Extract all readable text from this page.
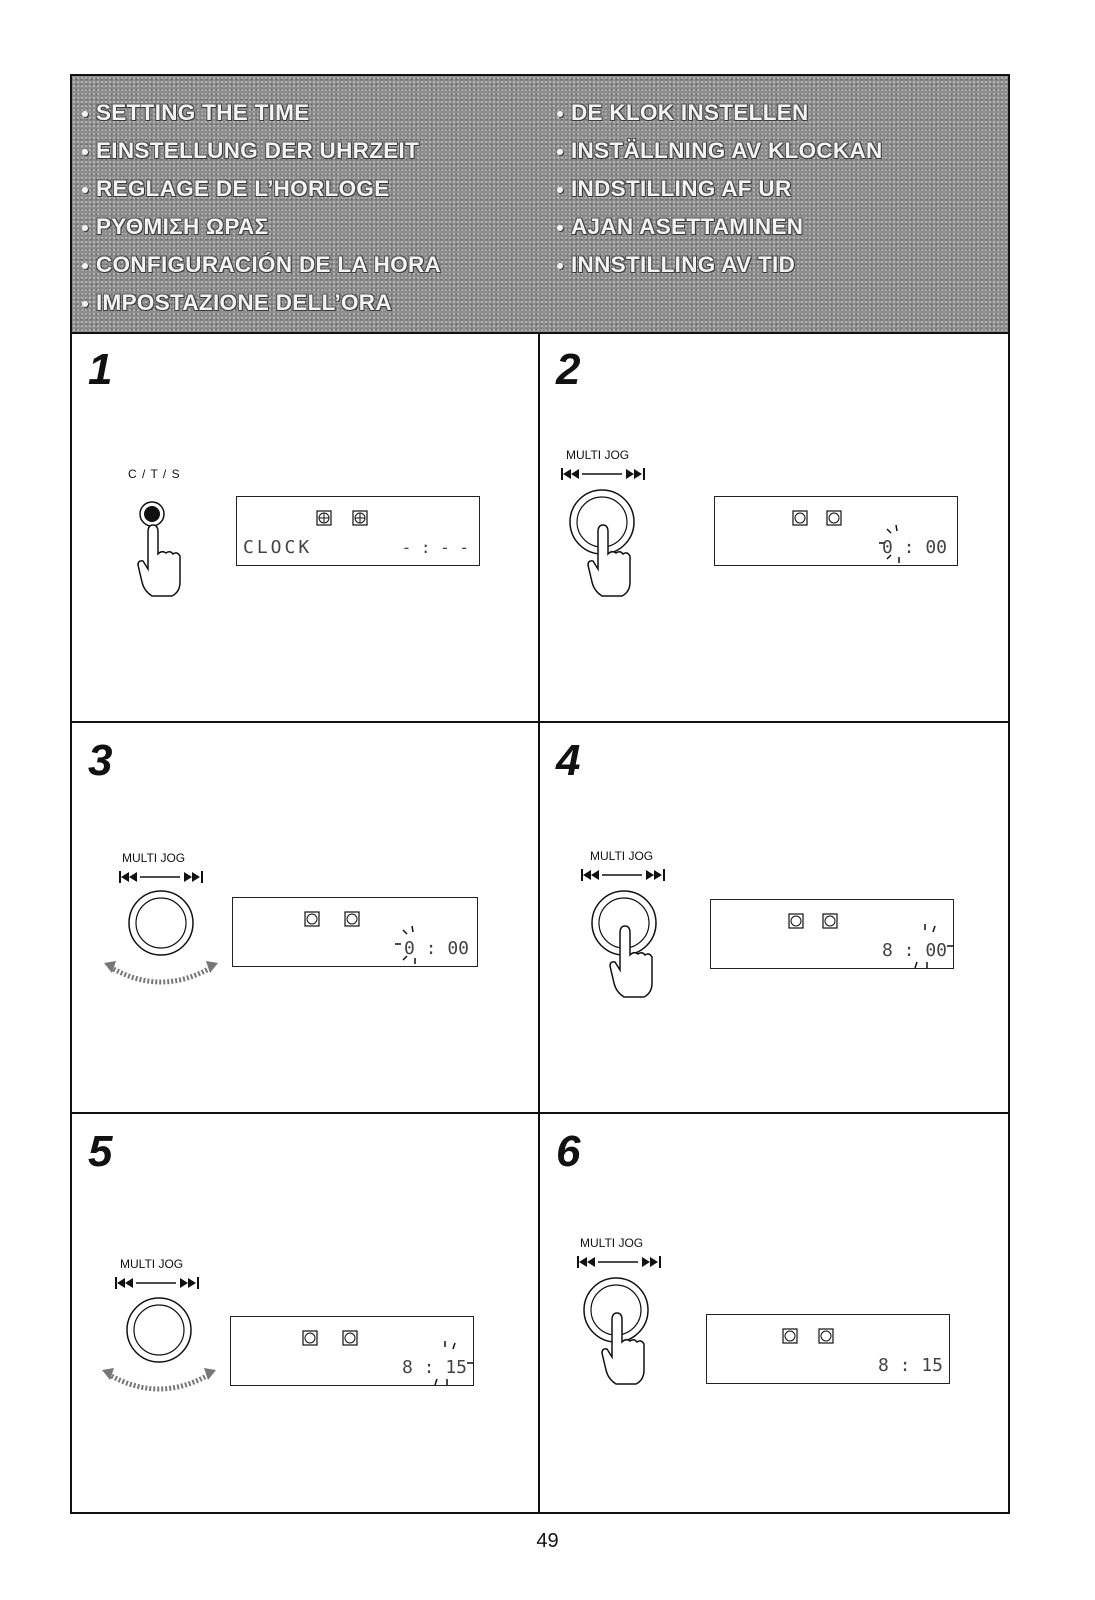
SETTING THE TIME
EINSTELLUNG DER UHRZEIT
REGLAGE DE L’HORLOGE
ΡΥΘΜΙΣΗ ΩΡΑΣ
CONFIGURACIÓN DE LA HORA
IMPOSTAZIONE DELL’ORA
DE KLOK INSTELLEN
INSTÄLLNING AV KLOCKAN
INDSTILLING AF UR
AJAN ASETTAMINEN
INNSTILLING AV TID
1
C / T / S
CLOCK	- : - -
2
MULTI JOG
0 : 00
3
MULTI JOG
0 : 00
4
MULTI JOG
8 : 00
5
MULTI JOG
8 : 15
6
MULTI JOG
8 : 15
49
